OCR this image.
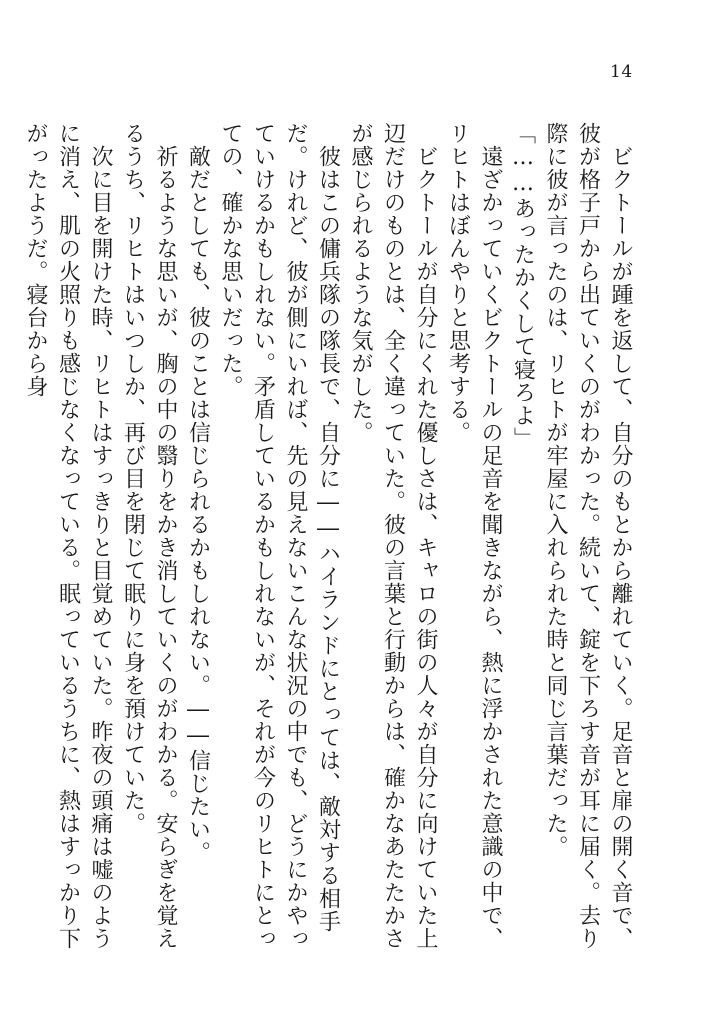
14

　ビクトールが踵を返して、自分のもとから離れていく。足音と扉の開く音で、彼が格子戸から出ていくのがわかった。続いて、錠を下ろす音が耳に届く。去り際に彼が言ったのは、リヒトが牢屋に入れられた時と同じ言葉だった。

「……あったかくして寝ろよ」

　遠ざかっていくビクトールの足音を聞きながら、熱に浮かされた意識の中で、リヒトはぼんやりと思考する。

　ビクトールが自分にくれた優しさは、キャロの街の人々が自分に向けていた上辺だけのものとは、全く違っていた。彼の言葉と行動からは、確かなあたたかさが感じられるような気がした。

　彼はこの傭兵隊の隊長で、自分に――ハイランドにとっては、敵対する相手だ。けれど、彼が側にいれば、先の見えないこんな状況の中でも、どうにかやっていけるかもしれない。矛盾しているかもしれないが、それが今のリヒトにとっての、確かな思いだった。

　敵だとしても、彼のことは信じられるかもしれない。――信じたい。

　祈るような思いが、胸の中の翳りをかき消していくのがわかる。安らぎを覚えるうち、リヒトはいつしか、再び目を閉じて眠りに身を預けていた。

　次に目を開けた時、リヒトはすっきりと目覚めていた。昨夜の頭痛は嘘のように消え、肌の火照りも感じなくなっている。眠っているうちに、熱はすっかり下がったようだ。寝台から身
